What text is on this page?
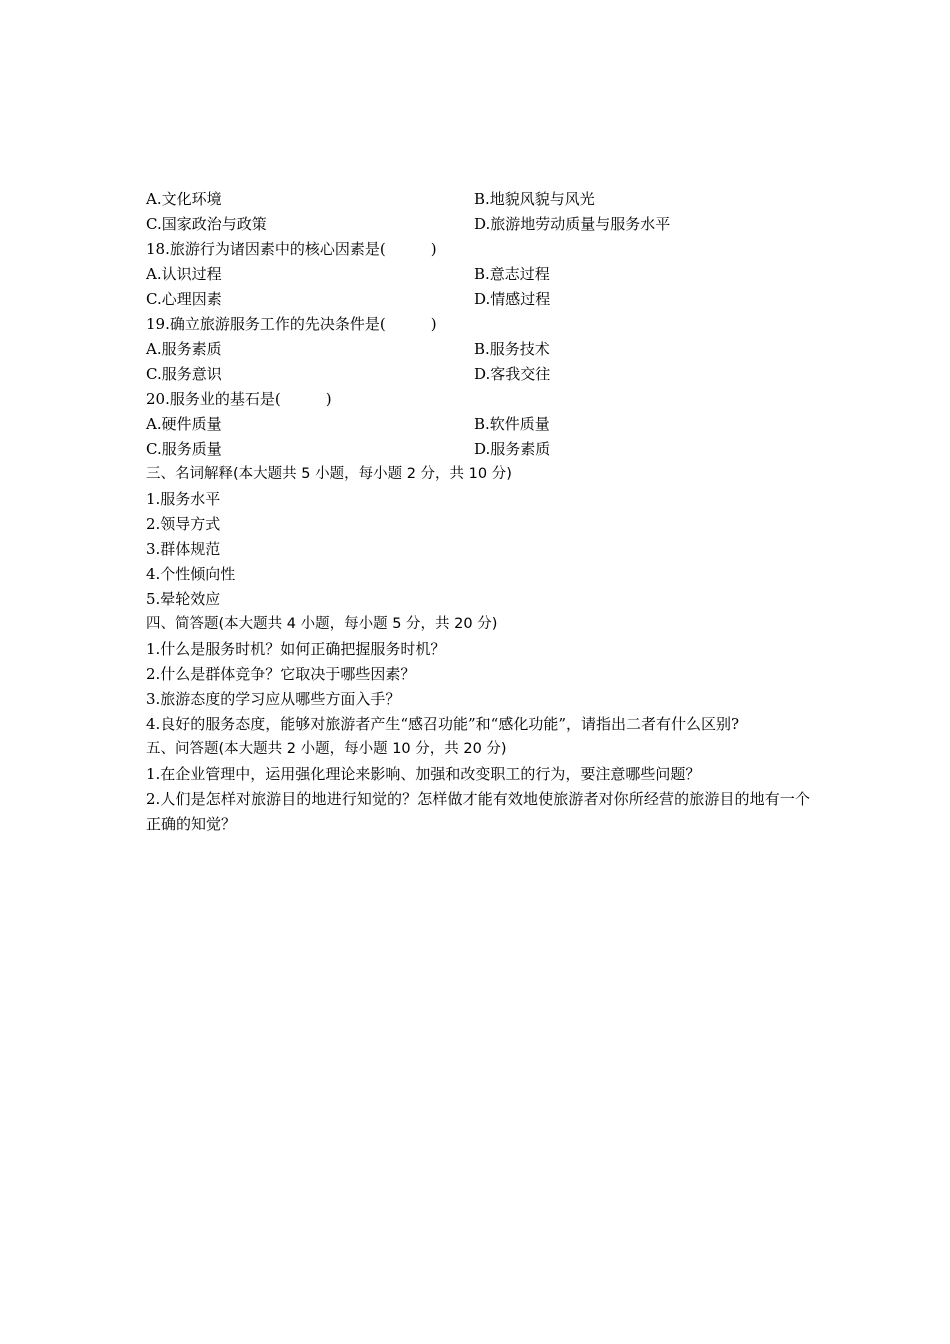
A.文化环境	B.地貌风貌与风光
C.国家政治与政策	D.旅游地劳动质量与服务水平
18.旅游行为诸因素中的核心因素是(　　　)
A.认识过程	B.意志过程
C.心理因素	D.情感过程
19.确立旅游服务工作的先决条件是(　　　)
A.服务素质	B.服务技术
C.服务意识	D.客我交往
20.服务业的基石是(　　　)
A.硬件质量	B.软件质量
C.服务质量	D.服务素质
三、名词解释(本大题共 5 小题，每小题 2 分，共 10 分)
1.服务水平
2.领导方式
3.群体规范
4.个性倾向性
5.晕轮效应
四、简答题(本大题共 4 小题，每小题 5 分，共 20 分)
1.什么是服务时机？如何正确把握服务时机？
2.什么是群体竞争？它取决于哪些因素？
3.旅游态度的学习应从哪些方面入手？
4.良好的服务态度，能够对旅游者产生“感召功能”和“感化功能”，请指出二者有什么区别?
五、问答题(本大题共 2 小题，每小题 10 分，共 20 分)
1.在企业管理中，运用强化理论来影响、加强和改变职工的行为，要注意哪些问题？
2.人们是怎样对旅游目的地进行知觉的？怎样做才能有效地使旅游者对你所经营的旅游目的地有一个正确的知觉？
